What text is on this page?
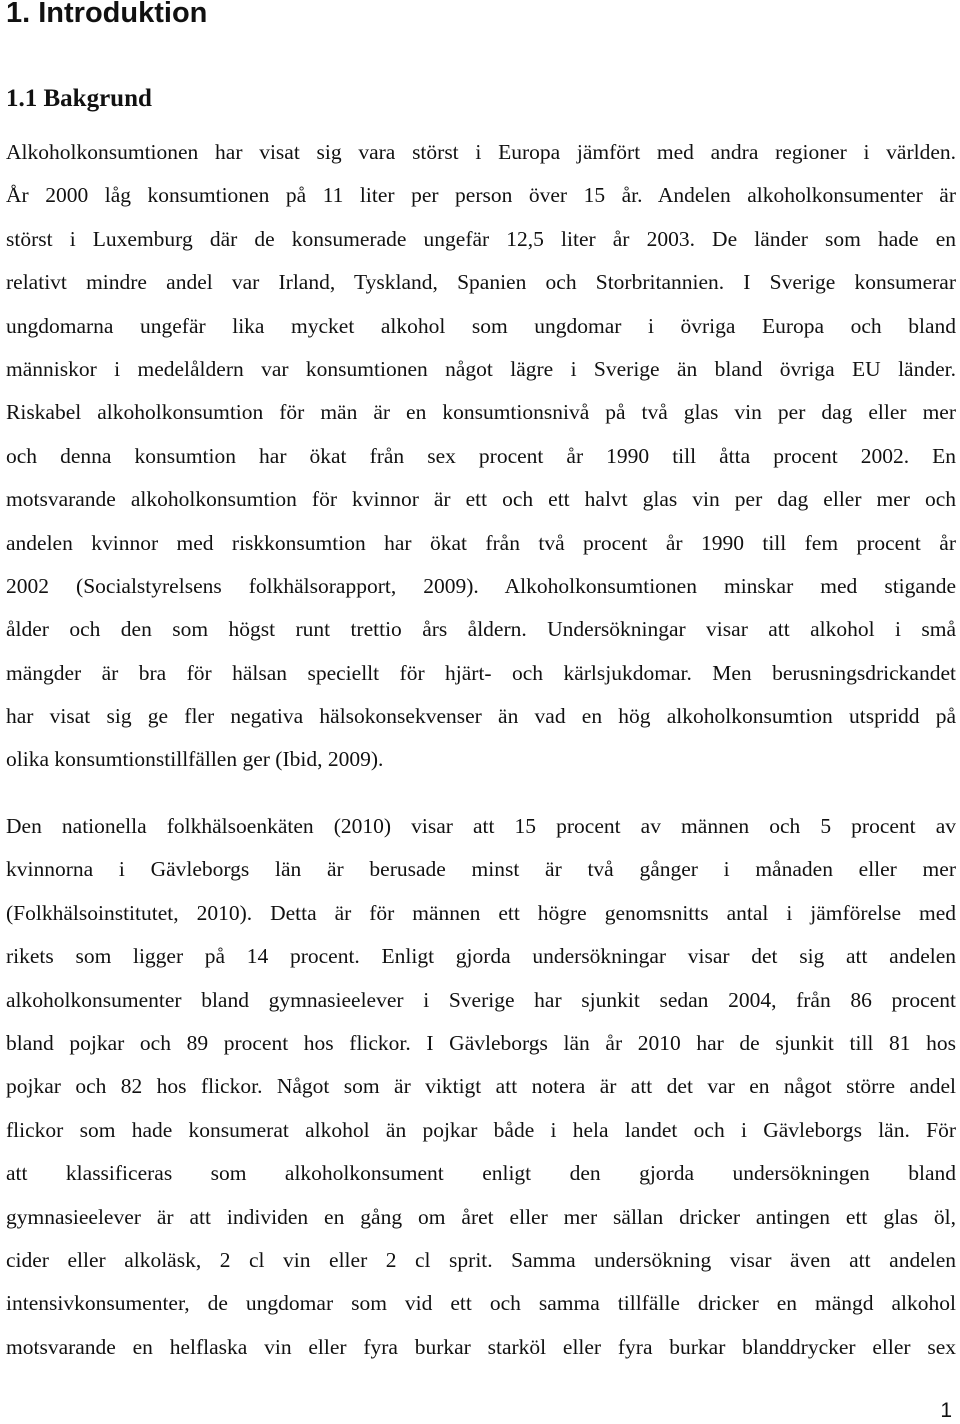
1. Introduktion
1.1 Bakgrund
Alkoholkonsumtionen har visat sig vara störst i Europa jämfört med andra regioner i världen.
År 2000 låg konsumtionen på 11 liter per person över 15 år. Andelen alkoholkonsumenter är
störst i Luxemburg där de konsumerade ungefär 12,5 liter år 2003. De länder som hade en
relativt mindre andel var Irland, Tyskland, Spanien och Storbritannien. I Sverige konsumerar
ungdomarna ungefär lika mycket alkohol som ungdomar i övriga Europa och bland
människor i medelåldern var konsumtionen något lägre i Sverige än bland övriga EU länder.
Riskabel alkoholkonsumtion för män är en konsumtionsnivå på två glas vin per dag eller mer
och denna konsumtion har ökat från sex procent år 1990 till åtta procent 2002. En
motsvarande alkoholkonsumtion för kvinnor är ett och ett halvt glas vin per dag eller mer och
andelen kvinnor med riskkonsumtion har ökat från två procent år 1990 till fem procent år
2002 (Socialstyrelsens folkhälsorapport, 2009). Alkoholkonsumtionen minskar med stigande
ålder och den som högst runt trettio års åldern. Undersökningar visar att alkohol i små
mängder är bra för hälsan speciellt för hjärt- och kärlsjukdomar. Men berusningsdrickandet
har visat sig ge fler negativa hälsokonsekvenser än vad en hög alkoholkonsumtion utspridd på
olika konsumtionstillfällen ger (Ibid, 2009).
Den nationella folkhälsoenkäten (2010) visar att 15 procent av männen och 5 procent av
kvinnorna i Gävleborgs län är berusade minst är två gånger i månaden eller mer
(Folkhälsoinstitutet, 2010). Detta är för männen ett högre genomsnitts antal i jämförelse med
rikets som ligger på 14 procent. Enligt gjorda undersökningar visar det sig att andelen
alkoholkonsumenter bland gymnasieelever i Sverige har sjunkit sedan 2004, från 86 procent
bland pojkar och 89 procent hos flickor. I Gävleborgs län år 2010 har de sjunkit till 81 hos
pojkar och 82 hos flickor. Något som är viktigt att notera är att det var en något större andel
flickor som hade konsumerat alkohol än pojkar både i hela landet och i Gävleborgs län. För
att klassificeras som alkoholkonsument enligt den gjorda undersökningen bland
gymnasieelever är att individen en gång om året eller mer sällan dricker antingen ett glas öl,
cider eller alkoläsk, 2 cl vin eller 2 cl sprit. Samma undersökning visar även att andelen
intensivkonsumenter, de ungdomar som vid ett och samma tillfälle dricker en mängd alkohol
motsvarande en helflaska vin eller fyra burkar starköl eller fyra burkar blanddrycker eller sex
1
